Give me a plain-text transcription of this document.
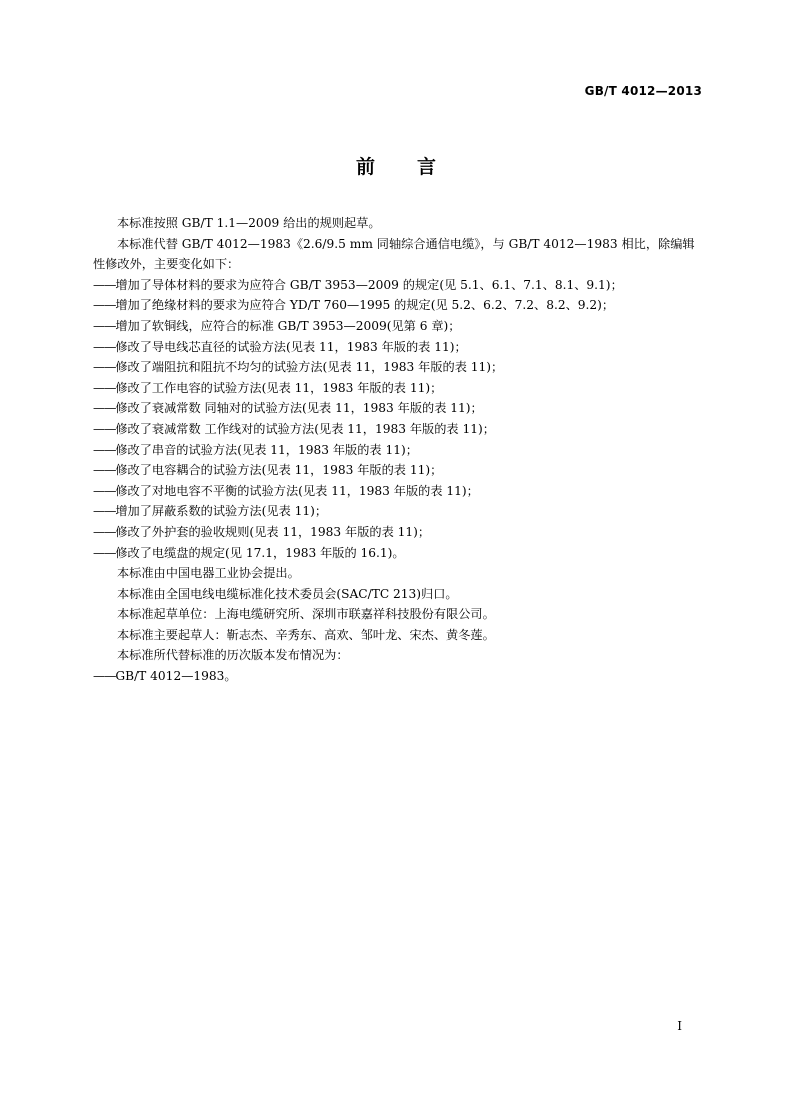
GB/T 4012—2013
前言

本标准按照 GB/T 1.1—2009 给出的规则起草。

本标准代替 GB/T 4012—1983《2.6/9.5 mm 同轴综合通信电缆》，与 GB/T 4012—1983 相比，除编辑性修改外，主要变化如下：

——增加了导体材料的要求为应符合 GB/T 3953—2009 的规定(见 5.1、6.1、7.1、8.1、9.1)；

——增加了绝缘材料的要求为应符合 YD/T 760—1995 的规定(见 5.2、6.2、7.2、8.2、9.2)；

——增加了软铜线，应符合的标准 GB/T 3953—2009(见第 6 章)；

——修改了导电线芯直径的试验方法(见表 11，1983 年版的表 11)；

——修改了端阻抗和阻抗不均匀的试验方法(见表 11，1983 年版的表 11)；

——修改了工作电容的试验方法(见表 11，1983 年版的表 11)；

——修改了衰减常数 同轴对的试验方法(见表 11，1983 年版的表 11)；

——修改了衰减常数 工作线对的试验方法(见表 11，1983 年版的表 11)；

——修改了串音的试验方法(见表 11，1983 年版的表 11)；

——修改了电容耦合的试验方法(见表 11，1983 年版的表 11)；

——修改了对地电容不平衡的试验方法(见表 11，1983 年版的表 11)；

——增加了屏蔽系数的试验方法(见表 11)；

——修改了外护套的验收规则(见表 11，1983 年版的表 11)；

——修改了电缆盘的规定(见 17.1，1983 年版的 16.1)。

本标准由中国电器工业协会提出。

本标准由全国电线电缆标准化技术委员会(SAC/TC 213)归口。

本标准起草单位：上海电缆研究所、深圳市联嘉祥科技股份有限公司。

本标准主要起草人：靳志杰、辛秀东、高欢、邹叶龙、宋杰、黄冬莲。

本标准所代替标准的历次版本发布情况为：

——GB/T 4012—1983。

I
